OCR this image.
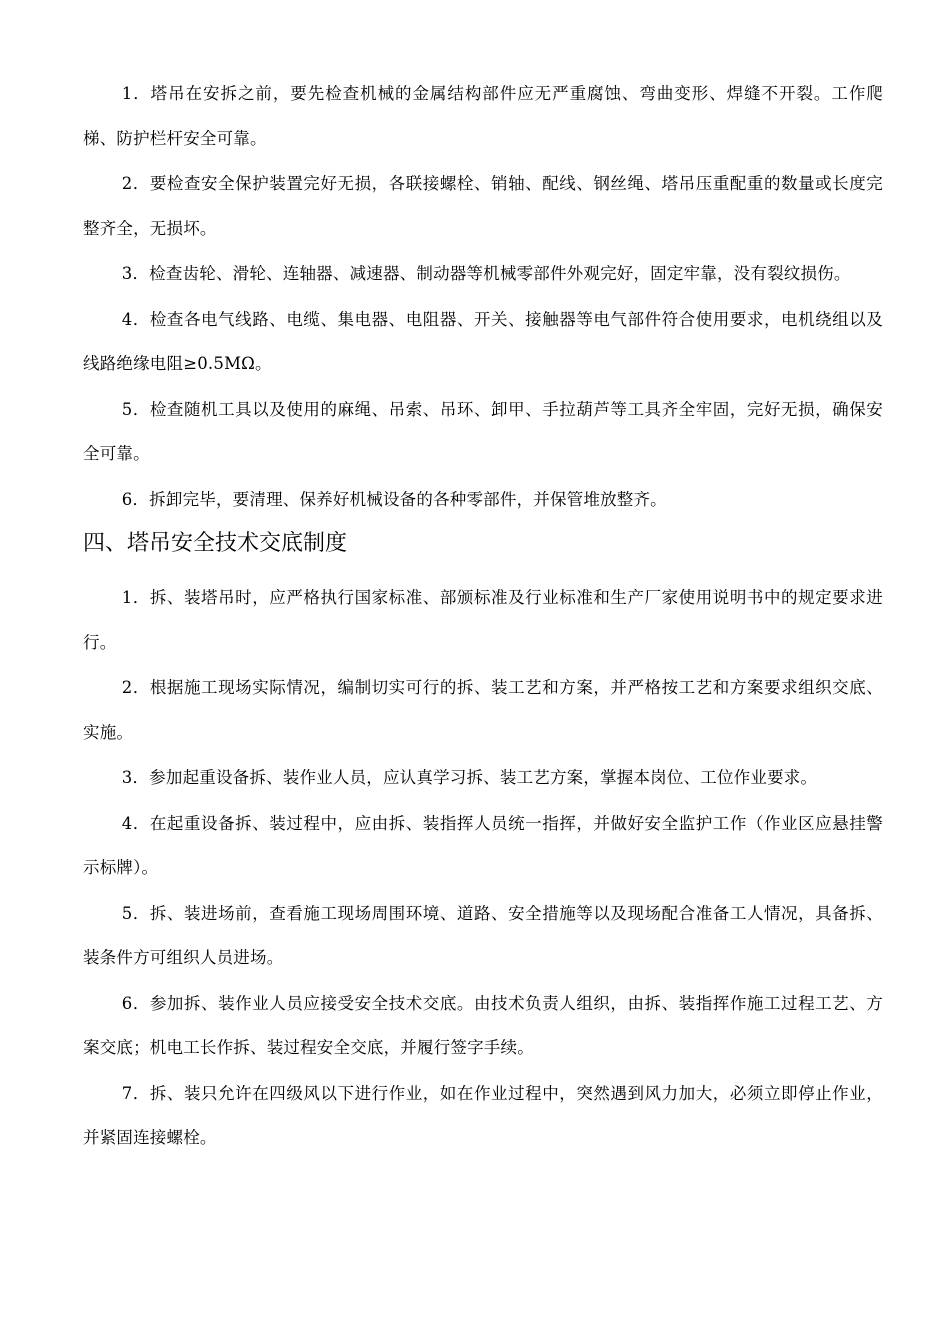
1．塔吊在安拆之前，要先检查机械的金属结构部件应无严重腐蚀、弯曲变形、焊缝不开裂。工作爬梯、防护栏杆安全可靠。

2．要检查安全保护装置完好无损，各联接螺栓、销轴、配线、钢丝绳、塔吊压重配重的数量或长度完整齐全，无损坏。

3．检查齿轮、滑轮、连轴器、减速器、制动器等机械零部件外观完好，固定牢靠，没有裂纹损伤。

4．检查各电气线路、电缆、集电器、电阻器、开关、接触器等电气部件符合使用要求，电机绕组以及线路绝缘电阻≥0.5MΩ。

5．检查随机工具以及使用的麻绳、吊索、吊环、卸甲、手拉葫芦等工具齐全牢固，完好无损，确保安全可靠。

6．拆卸完毕，要清理、保养好机械设备的各种零部件，并保管堆放整齐。

四、塔吊安全技术交底制度

1．拆、装塔吊时，应严格执行国家标准、部颁标准及行业标准和生产厂家使用说明书中的规定要求进行。

2．根据施工现场实际情况，编制切实可行的拆、装工艺和方案，并严格按工艺和方案要求组织交底、实施。

3．参加起重设备拆、装作业人员，应认真学习拆、装工艺方案，掌握本岗位、工位作业要求。

4．在起重设备拆、装过程中，应由拆、装指挥人员统一指挥，并做好安全监护工作（作业区应悬挂警示标牌）。

5．拆、装进场前，查看施工现场周围环境、道路、安全措施等以及现场配合准备工人情况，具备拆、装条件方可组织人员进场。

6．参加拆、装作业人员应接受安全技术交底。由技术负责人组织，由拆、装指挥作施工过程工艺、方案交底；机电工长作拆、装过程安全交底，并履行签字手续。

7．拆、装只允许在四级风以下进行作业，如在作业过程中，突然遇到风力加大，必须立即停止作业，并紧固连接螺栓。
